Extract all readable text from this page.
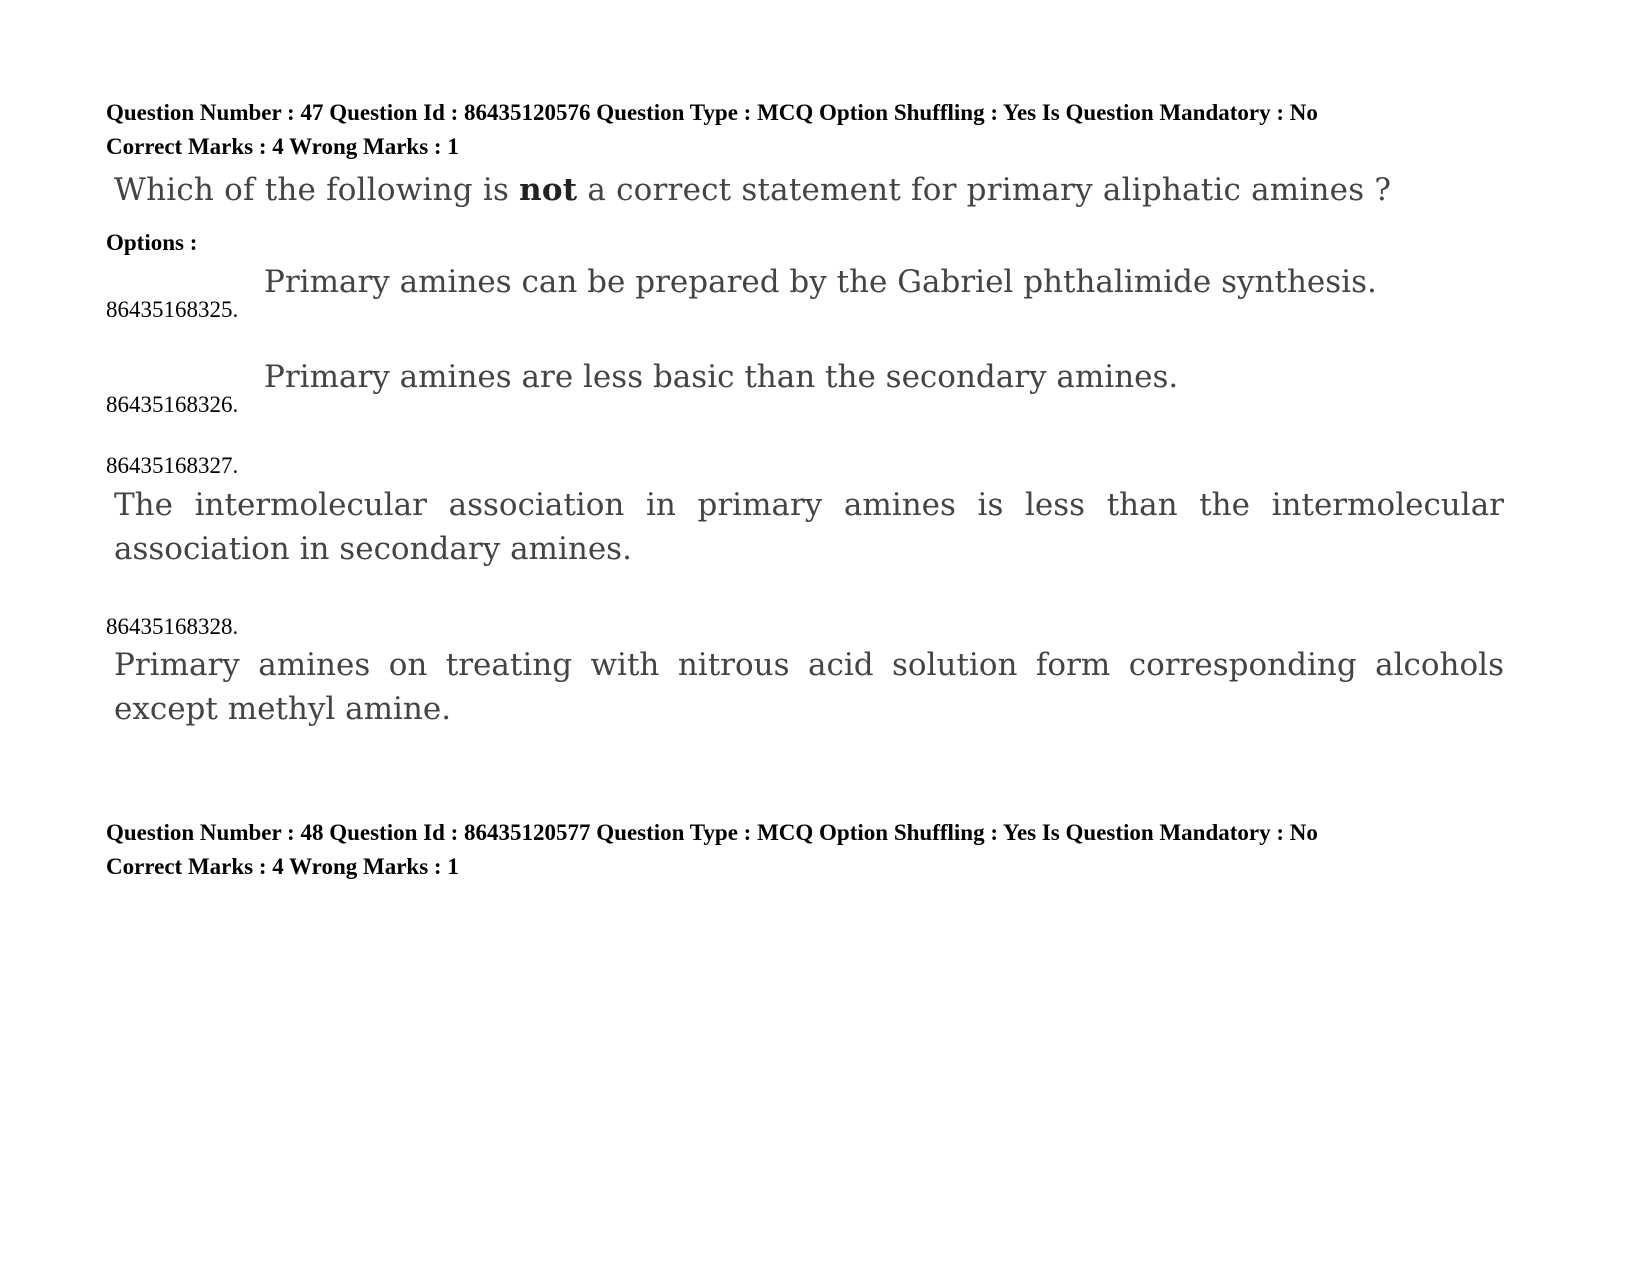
Question Number : 47 Question Id : 86435120576 Question Type : MCQ Option Shuffling : Yes Is Question Mandatory : No
Correct Marks : 4 Wrong Marks : 1
Which of the following is not a correct statement for primary aliphatic amines ?
Options :
86435168325.
Primary amines can be prepared by the Gabriel phthalimide synthesis.
86435168326.
Primary amines are less basic than the secondary amines.
86435168327.
The intermolecular association in primary amines is less than the intermolecular association in secondary amines.
86435168328.
Primary amines on treating with nitrous acid solution form corresponding alcohols except methyl amine.
Question Number : 48 Question Id : 86435120577 Question Type : MCQ Option Shuffling : Yes Is Question Mandatory : No
Correct Marks : 4 Wrong Marks : 1
